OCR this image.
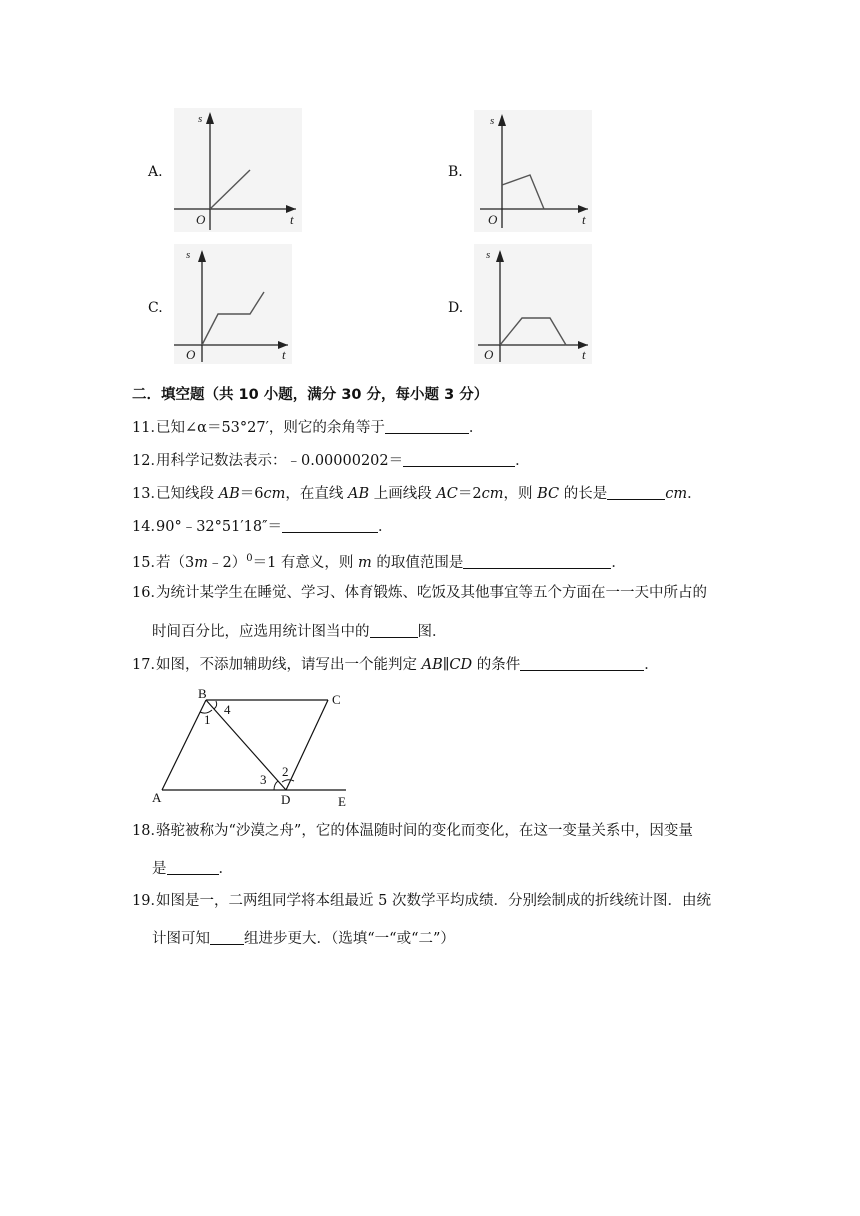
A.
s
t
O
B.
s
t
O
C.
s
t
O
D.
s
t
O
二．填空题（共 10 小题，满分 30 分，每小题 3 分）
11．已知∠α＝53°27′，则它的余角等于	．
12．用科学记数法表示：﹣0.00000202＝	．
13．已知线段 AB＝6cm，在直线 AB 上画线段 AC＝2cm，则 BC 的长是	cm．
14．90°﹣32°51′18″＝	．
15．若（3m﹣2）$^0$＝1 有意义，则 m 的取值范围是	．
16．为统计某学生在睡觉、学习、体育锻炼、吃饭及其他事宜等五个方面在一一天中所占的
时间百分比，应选用统计图当中的	图．
17．如图，不添加辅助线，请写出一个能判定 AB∥CD 的条件	．
B	C
A	D	E
1
2
3
4
18．骆驼被称为“沙漠之舟”，它的体温随时间的变化而变化，在这一变量关系中，因变量
是	．
19．如图是一，二两组同学将本组最近 5 次数学平均成绩．分别绘制成的折线统计图．由统
计图可知 组进步更大．（选填“一“或“二”）
